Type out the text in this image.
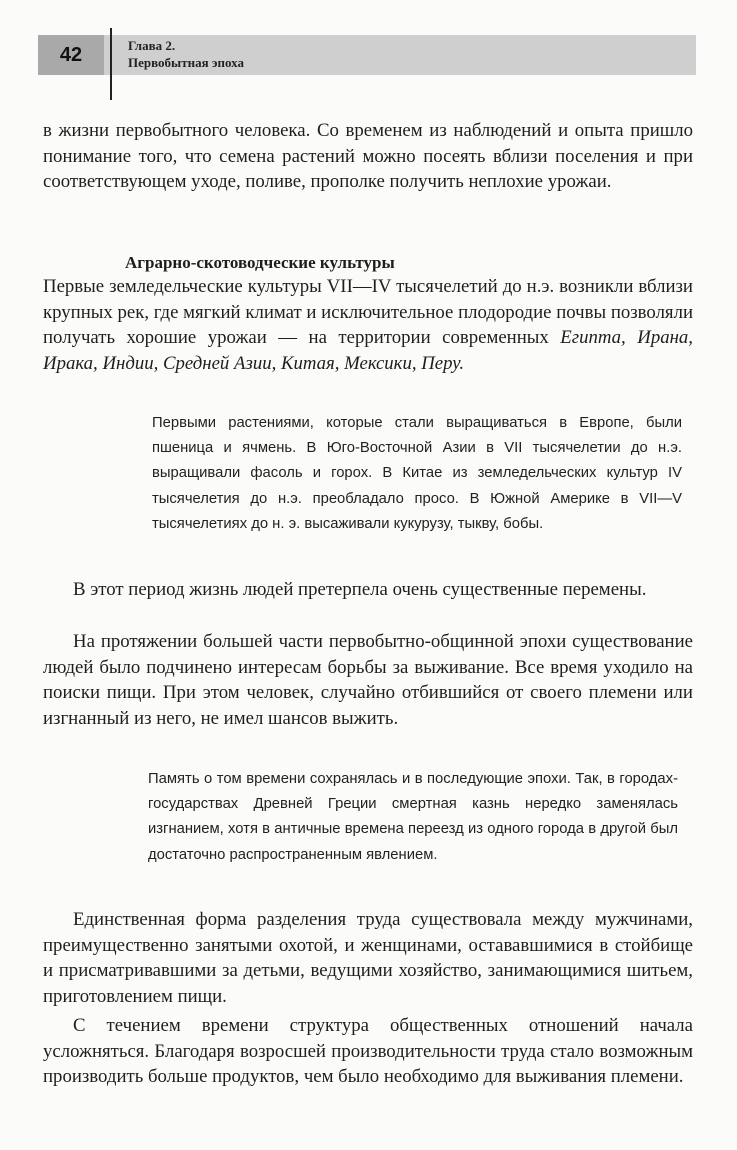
42	Глава 2.
Первобытная эпоха

в жизни первобытного человека. Со временем из наблюдений и опыта пришло понимание того, что семена растений можно посеять вблизи поселения и при соответствующем уходе, поливе, прополке получить неплохие урожаи.

Аграрно-скотоводческие культуры

Первые земледельческие культуры VII—IV тысячелетий до н.э. возникли вблизи крупных рек, где мягкий климат и исключительное плодородие почвы позволяли получать хорошие урожаи — на территории современных Египта, Ирана, Ирака, Индии, Средней Азии, Китая, Мексики, Перу.

Первыми растениями, которые стали выращиваться в Европе, были пшеница и ячмень. В Юго-Восточной Азии в VII тысячелетии до н.э. выращивали фасоль и горох. В Китае из земледельческих культур IV тысячелетия до н.э. преобладало просо. В Южной Америке в VII—V тысячелетиях до н. э. высаживали кукурузу, тыкву, бобы.

В этот период жизнь людей претерпела очень существенные перемены.

На протяжении большей части первобытно-общинной эпохи существование людей было подчинено интересам борьбы за выживание. Все время уходило на поиски пищи. При этом человек, случайно отбившийся от своего племени или изгнанный из него, не имел шансов выжить.

Память о том времени сохранялась и в последующие эпохи. Так, в городах-государствах Древней Греции смертная казнь нередко заменялась изгнанием, хотя в античные времена переезд из одного города в другой был достаточно распространенным явлением.

Единственная форма разделения труда существовала между мужчинами, преимущественно занятыми охотой, и женщинами, остававшимися в стойбище и присматривавшими за детьми, ведущими хозяйство, занимающимися шитьем, приготовлением пищи.

С течением времени структура общественных отношений начала усложняться. Благодаря возросшей производительности труда стало возможным производить больше продуктов, чем было необходимо для выживания племени.
